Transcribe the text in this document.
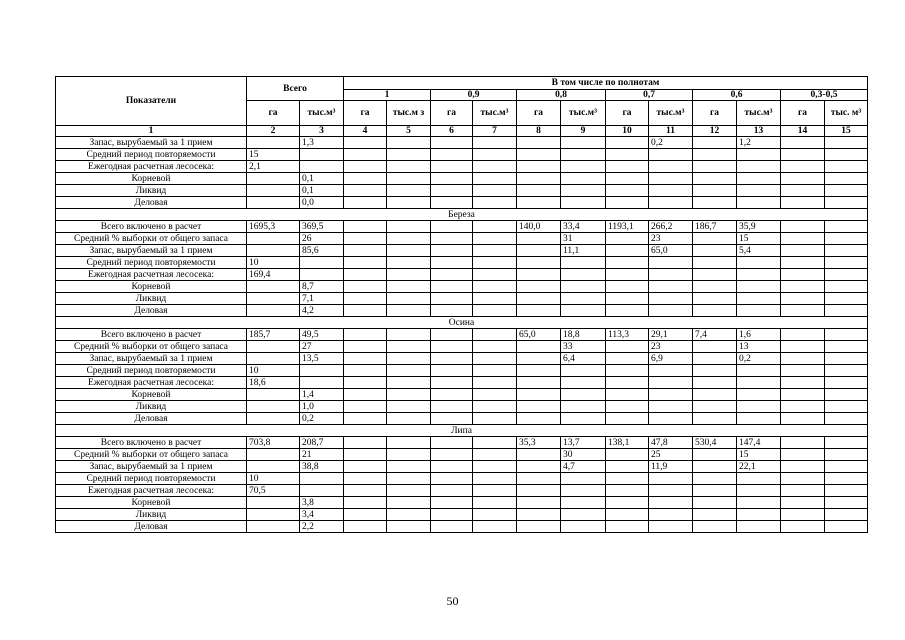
Показатели	Всего		В том числе по полнотам											
			1		0,9		0,8		0,7		0,6		0,3-0,5	
	га	тыс.м³	га	тыс.м з	га	тыс.м³	га	тыс.м³	га	тыс.м³	га	тыс.м³	га	тыс. м³
1	2	3	4	5	6	7	8	9	10	11	12	13	14	15
Запас, вырубаемый за 1 прием		1,3								0,2		1,2		
Средний период повторяемости	15													
Ежегодная расчетная лесосека:	2,1													
Корневой		0,1												
Ликвид		0,1												
Деловая		0,0												
Береза														
Всего включено в расчет	1695,3	369,5					140,0	33,4	1193,1	266,2	186,7	35,9		
Средний % выборки от общего запаса		26						31		23		15		
Запас, вырубаемый за 1 прием		85,6						11,1		65,0		5,4		
Средний период повторяемости	10													
Ежегодная расчетная лесосека:	169,4													
Корневой		8,7												
Ликвид		7,1												
Деловая		4,2												
Осина														
Всего включено в расчет	185,7	49,5					65,0	18,8	113,3	29,1	7,4	1,6		
Средний % выборки от общего запаса		27						33		23		13		
Запас, вырубаемый за 1 прием		13,5						6,4		6,9		0,2		
Средний период повторяемости	10													
Ежегодная расчетная лесосека:	18,6													
Корневой		1,4												
Ликвид		1,0												
Деловая		0,2												
Липа														
Всего включено в расчет	703,8	208,7					35,3	13,7	138,1	47,8	530,4	147,4		
Средний % выборки от общего запаса		21						30		25		15		
Запас, вырубаемый за 1 прием		38,8						4,7		11,9		22,1		
Средний период повторяемости	10													
Ежегодная расчетная лесосека:	70,5													
Корневой		3,8												
Ликвид		3,4												
Деловая		2,2												
50
